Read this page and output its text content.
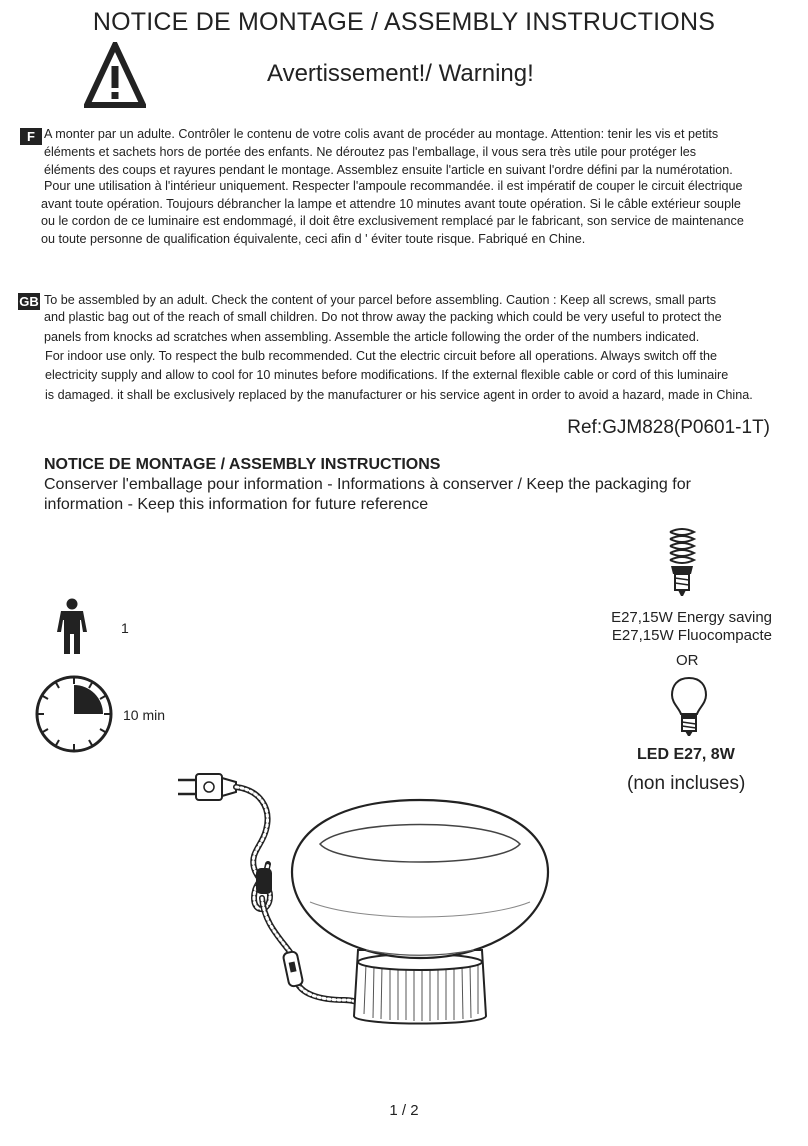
NOTICE DE MONTAGE / ASSEMBLY INSTRUCTIONS
Avertissement!/ Warning!
F A monter par un adulte. Contrôler le contenu de votre colis avant de procéder au montage. Attention: tenir les vis et petits
éléments et sachets hors de portée des enfants. Ne déroutez pas l'emballage, il vous sera très utile pour protéger les
éléments des coups et rayures pendant le montage. Assemblez ensuite l'article en suivant l'ordre défini par la numérotation.
Pour une utilisation à l'intérieur uniquement. Respecter l'ampoule recommandée. il est impératif de couper le circuit électrique
avant toute opération. Toujours débrancher la lampe et attendre 10 minutes avant toute opération. Si le câble extérieur souple
ou le cordon de ce luminaire est endommagé, il doit être exclusivement remplacé par le fabricant, son service de maintenance
ou toute personne de qualification équivalente, ceci afin d ' éviter toute risque. Fabriqué en Chine.
GB To be assembled by an adult. Check the content of your parcel before assembling. Caution : Keep all screws, small parts
and plastic bag out of the reach of small children. Do not throw away the packing which could be very useful to protect the
panels from knocks ad scratches when assembling. Assemble the article following the order of the numbers indicated.
For indoor use only. To respect the bulb recommended. Cut the electric circuit before all operations. Always switch off the
electricity supply and allow to cool for 10 minutes before modifications. If the external flexible cable or cord of this luminaire
is damaged. it shall be exclusively replaced by the manufacturer or his service agent in order to avoid a hazard, made in China.
Ref:GJM828(P0601-1T)
NOTICE DE MONTAGE / ASSEMBLY INSTRUCTIONS
Conserver l'emballage pour information - Informations à conserver / Keep the packaging for
information - Keep this information for future reference
1
10 min
E27,15W Energy saving
E27,15W Fluocompacte
OR
LED E27, 8W
(non incluses)
1 / 2
